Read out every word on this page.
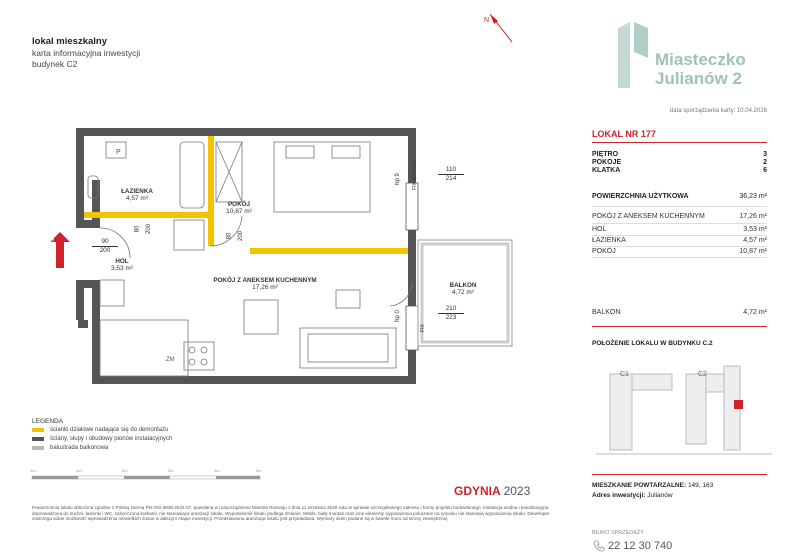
lokal mieszkalny
karta informacyjna inwestycji
budynek C2
N
Miasteczko
Julianów 2
data sporządzenia karty: 10.04.2026
LOKAL NR 177
PIĘTRO	3
POKOJE	2
KLATKA	6
POWIERZCHNIA UŻYTKOWA	36,23 m²
POKÓJ Z ANEKSEM KUCHENNYM	17,26 m²
HOL	3,53 m²
ŁAZIENKA	4,57 m²
POKÓJ	10,87 m²
BALKON	4,72 m²
POŁOŻENIE LOKALU W BUDYNKU C.2
C1	C2
MIESZKANIE POWTARZALNE: 149, 163
Adres inwestycji: Julianów
BIURO SPRZEDAŻY
22 12 30 740
P
ZM
WEJŚCIE
ŁAZIENKA
4,57 m²
POKÓJ
10,87 m²
HOL
3,53 m²
POKÓJ Z ANEKSEM KUCHENNYM
17,26 m²	BALKON
4,72 m²
90
200
80 200
80 200
110
214
210
223
hp 9
hp 0
FIX do h=110
FIX
LEGENDA
ścianki działowe nadające się do demontażu
ściany, słupy i obudowy pionów instalacyjnych
balustrada balkonowa
0m	1m	2m	3m	4m	5m
GDYNIA 2023
Powierzchnia lokalu obliczona zgodnie z Polską Normą PN-ISO 9836:2022-07, powołaną w rozporządzeniu Ministra Rozwoju z dnia 11 września 2020 roku w sprawie szczegółowego zakresu i formy projektu budowlanego. Instalacja wodna i kanalizacyjna doprowadzona do kuchni, łazienki i WC, zakończona korkami, nie stanowiąca aranżacji lokalu. Wyposażenie lokalu podlega zmianie. Meble, biały montaż oraz inne elementy wyposażenia pokazane na rysunku nie stanowią wyposażenia lokalu. Deweloper zastrzega sobie możliwość wprowadzenia niewielkich zmian w dalszym etapie inwestycji. Przedstawiona aranżacja lokalu jest przykładowa. Wymiary okien podane są w świetle muru od strony zewnętrznej.
